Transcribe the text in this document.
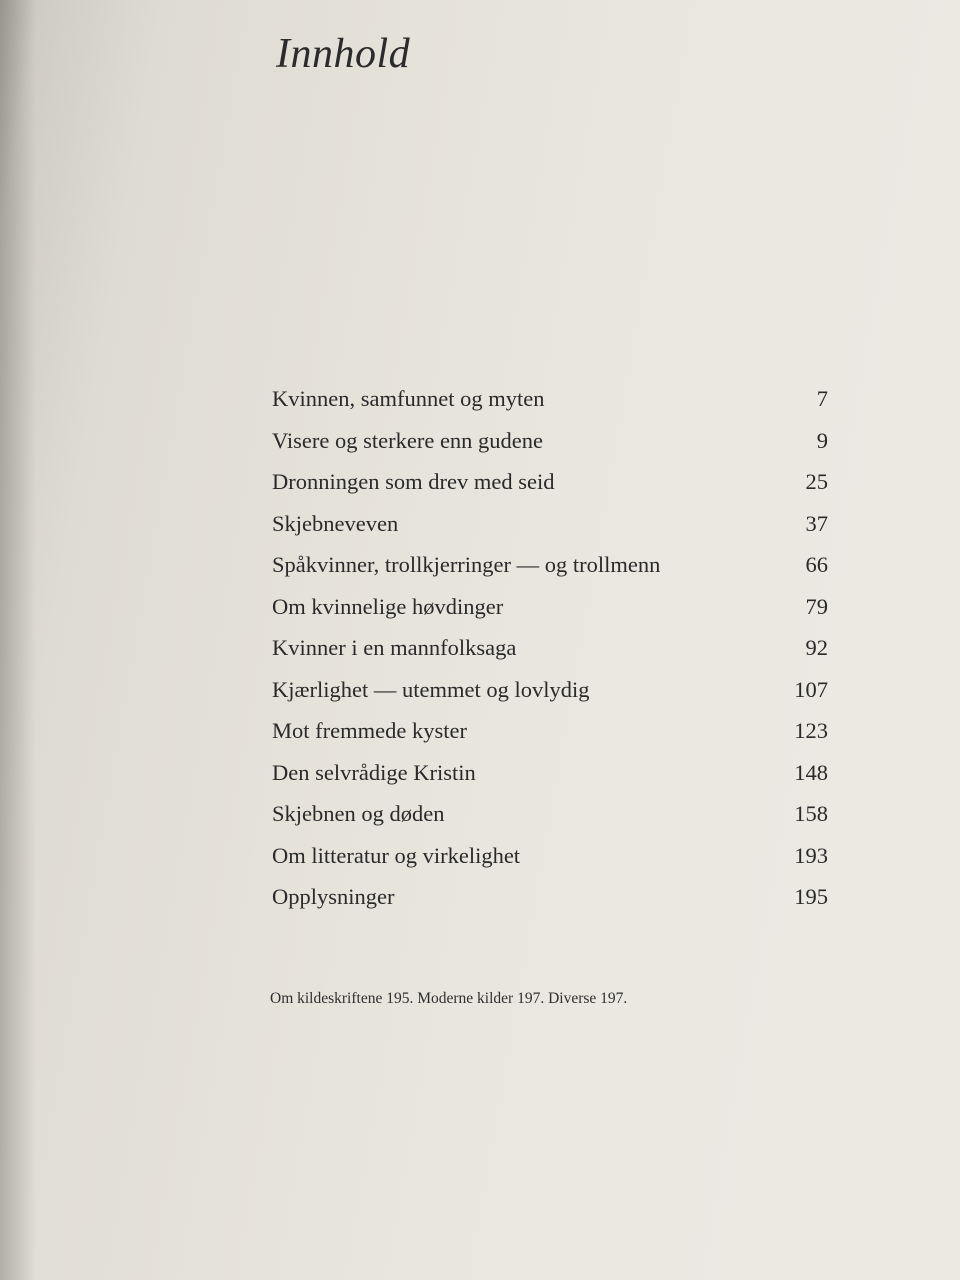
Innhold
Kvinnen, samfunnet og myten	7
Visere og sterkere enn gudene	9
Dronningen som drev med seid	25
Skjebneveven	37
Spåkvinner, trollkjerringer — og trollmenn	66
Om kvinnelige høvdinger	79
Kvinner i en mannfolksaga	92
Kjærlighet — utemmet og lovlydig	107
Mot fremmede kyster	123
Den selvrådige Kristin	148
Skjebnen og døden	158
Om litteratur og virkelighet	193
Opplysninger	195
Om kildeskriftene 195. Moderne kilder 197. Diverse 197.
